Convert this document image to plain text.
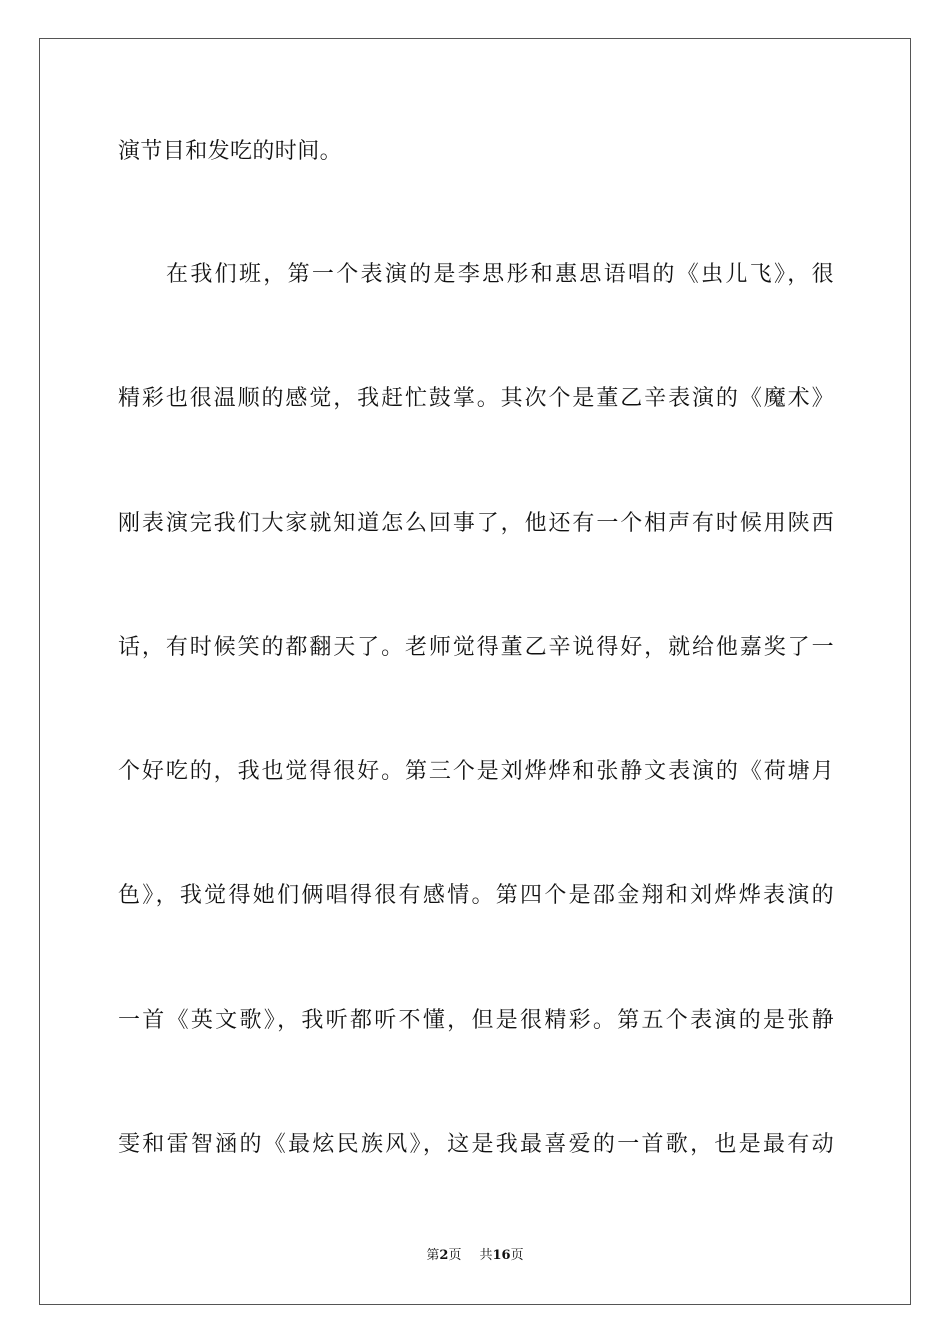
演节目和发吃的时间。
在我们班，第一个表演的是李思彤和惠思语唱的《虫儿飞》，很
精彩也很温顺的感觉，我赶忙鼓掌。其次个是董乙辛表演的《魔术》
刚表演完我们大家就知道怎么回事了，他还有一个相声有时候用陕西
话，有时候笑的都翻天了。老师觉得董乙辛说得好，就给他嘉奖了一
个好吃的，我也觉得很好。第三个是刘烨烨和张静文表演的《荷塘月
色》，我觉得她们俩唱得很有感情。第四个是邵金翔和刘烨烨表演的
一首《英文歌》，我听都听不懂，但是很精彩。第五个表演的是张静
雯和雷智涵的《最炫民族风》，这是我最喜爱的一首歌，也是最有动
第2页 共16页
